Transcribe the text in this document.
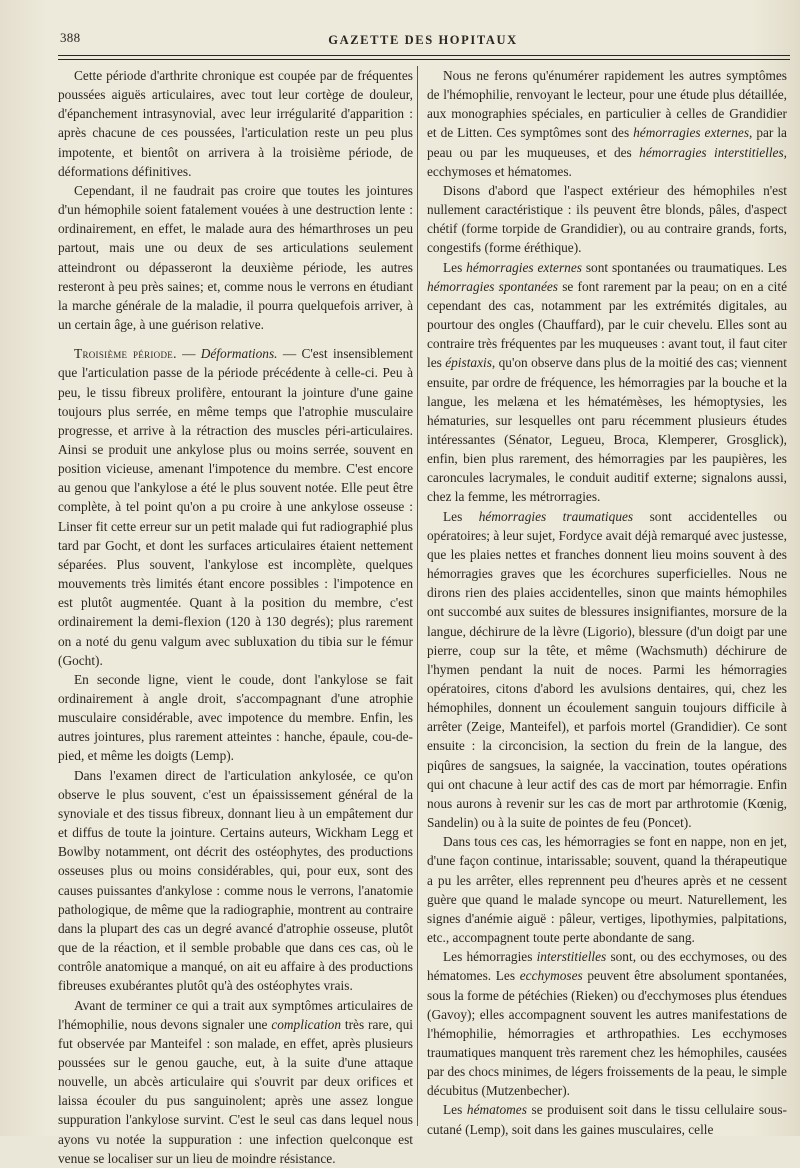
388	GAZETTE DES HOPITAUX

Cette période d'arthrite chronique est coupée par de fréquentes poussées aiguës articulaires, avec tout leur cortège de douleur, d'épanchement intrasynovial, avec leur irrégularité d'apparition : après chacune de ces poussées, l'articulation reste un peu plus impotente, et bientôt on arrivera à la troisième période, de déformations définitives.

Cependant, il ne faudrait pas croire que toutes les jointures d'un hémophile soient fatalement vouées à une destruction lente : ordinairement, en effet, le malade aura des hémarthroses un peu partout, mais une ou deux de ses articulations seulement atteindront ou dépasseront la deuxième période, les autres resteront à peu près saines; et, comme nous le verrons en étudiant la marche générale de la maladie, il pourra quelquefois arriver, à un certain âge, à une guérison relative.

Troisième période. — Déformations. — C'est insensiblement que l'articulation passe de la période précédente à celle-ci. Peu à peu, le tissu fibreux prolifère, entourant la jointure d'une gaine toujours plus serrée, en même temps que l'atrophie musculaire progresse, et arrive à la rétraction des muscles péri-articulaires. Ainsi se produit une ankylose plus ou moins serrée, souvent en position vicieuse, amenant l'impotence du membre. C'est encore au genou que l'ankylose a été le plus souvent notée. Elle peut être complète, à tel point qu'on a pu croire à une ankylose osseuse : Linser fit cette erreur sur un petit malade qui fut radiographié plus tard par Gocht, et dont les surfaces articulaires étaient nettement séparées. Plus souvent, l'ankylose est incomplète, quelques mouvements très limités étant encore possibles : l'impotence en est plutôt augmentée. Quant à la position du membre, c'est ordinairement la demi-flexion (120 à 130 degrés); plus rarement on a noté du genu valgum avec subluxation du tibia sur le fémur (Gocht).

En seconde ligne, vient le coude, dont l'ankylose se fait ordinairement à angle droit, s'accompagnant d'une atrophie musculaire considérable, avec impotence du membre. Enfin, les autres jointures, plus rarement atteintes : hanche, épaule, cou-de-pied, et même les doigts (Lemp).

Dans l'examen direct de l'articulation ankylosée, ce qu'on observe le plus souvent, c'est un épaississement général de la synoviale et des tissus fibreux, donnant lieu à un empâtement dur et diffus de toute la jointure. Certains auteurs, Wickham Legg et Bowlby notamment, ont décrit des ostéophytes, des productions osseuses plus ou moins considérables, qui, pour eux, sont des causes puissantes d'ankylose : comme nous le verrons, l'anatomie pathologique, de même que la radiographie, montrent au contraire dans la plupart des cas un degré avancé d'atrophie osseuse, plutôt que de la réaction, et il semble probable que dans ces cas, où le contrôle anatomique a manqué, on ait eu affaire à des productions fibreuses exubérantes plutôt qu'à des ostéophytes vrais.

Avant de terminer ce qui a trait aux symptômes articulaires de l'hémophilie, nous devons signaler une complication très rare, qui fut observée par Manteifel : son malade, en effet, après plusieurs poussées sur le genou gauche, eut, à la suite d'une attaque nouvelle, un abcès articulaire qui s'ouvrit par deux orifices et laissa écouler du pus sanguinolent; après une assez longue suppuration l'ankylose survint. C'est le seul cas dans lequel nous ayons vu notée la suppuration : une infection quelconque est venue se localiser sur un lieu de moindre résistance.

Nous ne ferons qu'énumérer rapidement les autres symptômes de l'hémophilie, renvoyant le lecteur, pour une étude plus détaillée, aux monographies spéciales, en particulier à celles de Grandidier et de Litten. Ces symptômes sont des hémorragies externes, par la peau ou par les muqueuses, et des hémorragies interstitielles, ecchymoses et hématomes.

Disons d'abord que l'aspect extérieur des hémophiles n'est nullement caractéristique : ils peuvent être blonds, pâles, d'aspect chétif (forme torpide de Grandidier), ou au contraire grands, forts, congestifs (forme éréthique).

Les hémorragies externes sont spontanées ou traumatiques. Les hémorragies spontanées se font rarement par la peau; on en a cité cependant des cas, notamment par les extrémités digitales, au pourtour des ongles (Chauffard), par le cuir chevelu. Elles sont au contraire très fréquentes par les muqueuses : avant tout, il faut citer les épistaxis, qu'on observe dans plus de la moitié des cas; viennent ensuite, par ordre de fréquence, les hémorragies par la bouche et la langue, les melæna et les hématémèses, les hémoptysies, les hématuries, sur lesquelles ont paru récemment plusieurs études intéressantes (Sénator, Legueu, Broca, Klemperer, Grosglick), enfin, bien plus rarement, des hémorragies par les paupières, les caroncules lacrymales, le conduit auditif externe; signalons aussi, chez la femme, les métrorragies.

Les hémorragies traumatiques sont accidentelles ou opératoires; à leur sujet, Fordyce avait déjà remarqué avec justesse, que les plaies nettes et franches donnent lieu moins souvent à des hémorragies graves que les écorchures superficielles. Nous ne dirons rien des plaies accidentelles, sinon que maints hémophiles ont succombé aux suites de blessures insignifiantes, morsure de la langue, déchirure de la lèvre (Ligorio), blessure (d'un doigt par une pierre, coup sur la tête, et même (Wachsmuth) déchirure de l'hymen pendant la nuit de noces. Parmi les hémorragies opératoires, citons d'abord les avulsions dentaires, qui, chez les hémophiles, donnent un écoulement sanguin toujours difficile à arrêter (Zeige, Manteifel), et parfois mortel (Grandidier). Ce sont ensuite : la circoncision, la section du frein de la langue, des piqûres de sangsues, la saignée, la vaccination, toutes opérations qui ont chacune à leur actif des cas de mort par hémorragie. Enfin nous aurons à revenir sur les cas de mort par arthrotomie (Kœnig, Sandelin) ou à la suite de pointes de feu (Poncet).

Dans tous ces cas, les hémorragies se font en nappe, non en jet, d'une façon continue, intarissable; souvent, quand la thérapeutique a pu les arrêter, elles reprennent peu d'heures après et ne cessent guère que quand le malade syncope ou meurt. Naturellement, les signes d'anémie aiguë : pâleur, vertiges, lipothymies, palpitations, etc., accompagnent toute perte abondante de sang.

Les hémorragies interstitielles sont, ou des ecchymoses, ou des hématomes. Les ecchymoses peuvent être absolument spontanées, sous la forme de pétéchies (Rieken) ou d'ecchymoses plus étendues (Gavoy); elles accompagnent souvent les autres manifestations de l'hémophilie, hémorragies et arthropathies. Les ecchymoses traumatiques manquent très rarement chez les hémophiles, causées par des chocs minimes, de légers froissements de la peau, le simple décubitus (Mutzenbecher).

Les hématomes se produisent soit dans le tissu cellulaire sous-cutané (Lemp), soit dans les gaines musculaires, celle
